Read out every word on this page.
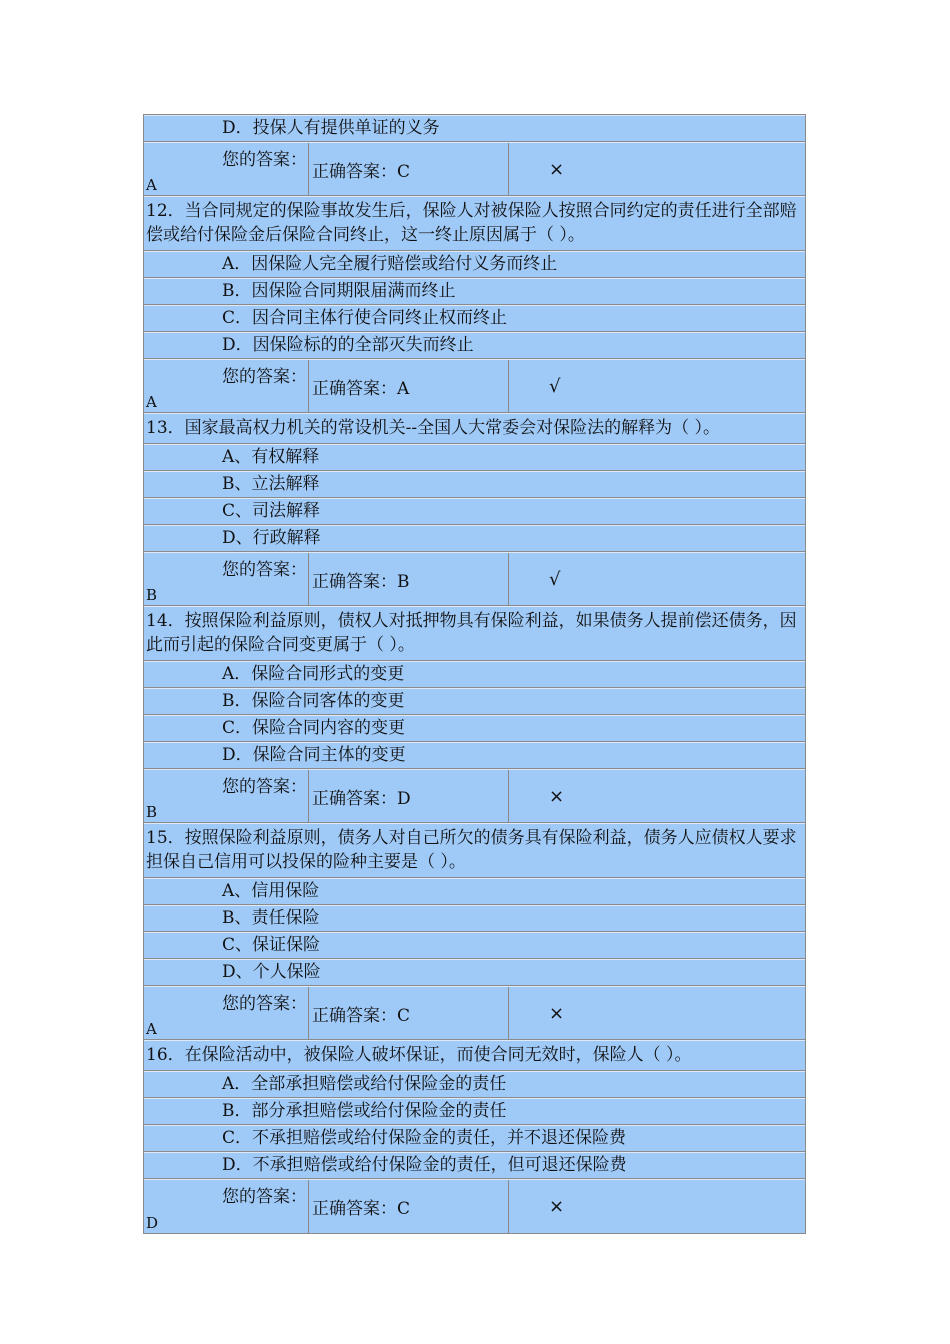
D．投保人有提供单证的义务
您的答案：
A
正确答案：C	×
12．当合同规定的保险事故发生后，保险人对被保险人按照合同约定的责任进行全部赔偿或给付保险金后保险合同终止，这一终止原因属于（ ）。
A．因保险人完全履行赔偿或给付义务而终止
B．因保险合同期限届满而终止
C．因合同主体行使合同终止权而终止
D．因保险标的的全部灭失而终止
您的答案：
A
正确答案：A	√
13．国家最高权力机关的常设机关--全国人大常委会对保险法的解释为（ ）。
A、有权解释
B、立法解释
C、司法解释
D、行政解释
您的答案：
B
正确答案：B	√
14．按照保险利益原则，债权人对抵押物具有保险利益，如果债务人提前偿还债务，因此而引起的保险合同变更属于（ ）。
A．保险合同形式的变更
B．保险合同客体的变更
C．保险合同内容的变更
D．保险合同主体的变更
您的答案：
B
正确答案：D	×
15．按照保险利益原则，债务人对自己所欠的债务具有保险利益，债务人应债权人要求担保自己信用可以投保的险种主要是（ ）。
A、信用保险
B、责任保险
C、保证保险
D、个人保险
您的答案：
A
正确答案：C	×
16．在保险活动中，被保险人破坏保证，而使合同无效时，保险人（ ）。
A．全部承担赔偿或给付保险金的责任
B．部分承担赔偿或给付保险金的责任
C．不承担赔偿或给付保险金的责任，并不退还保险费
D．不承担赔偿或给付保险金的责任，但可退还保险费
您的答案：
D
正确答案：C	×
